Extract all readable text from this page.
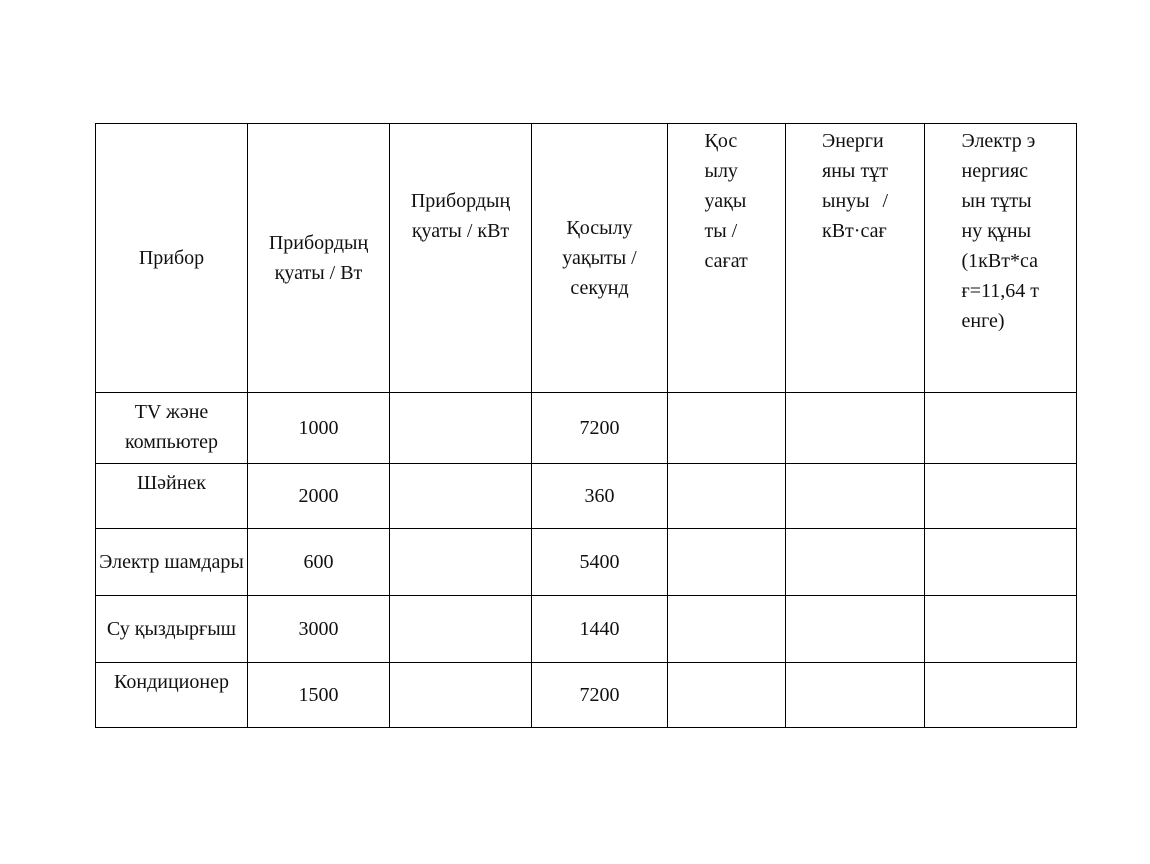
Прибор	Прибордың қуаты / Вт	Прибордың қуаты / кВт	Қосылу уақыты / секунд	Қосылу уақыты / сағат	Энергияны тұтынуы / кВт·сағ	Электр энергиясын тұтыну құны (1кВт*сағ=11,64 тенге)

TV және компьютер	1000		7200			
Шәйнек	2000		360			
Электр шамдары	600		5400			
Су қыздырғыш	3000		1440			
Кондиционер	1500		7200			
